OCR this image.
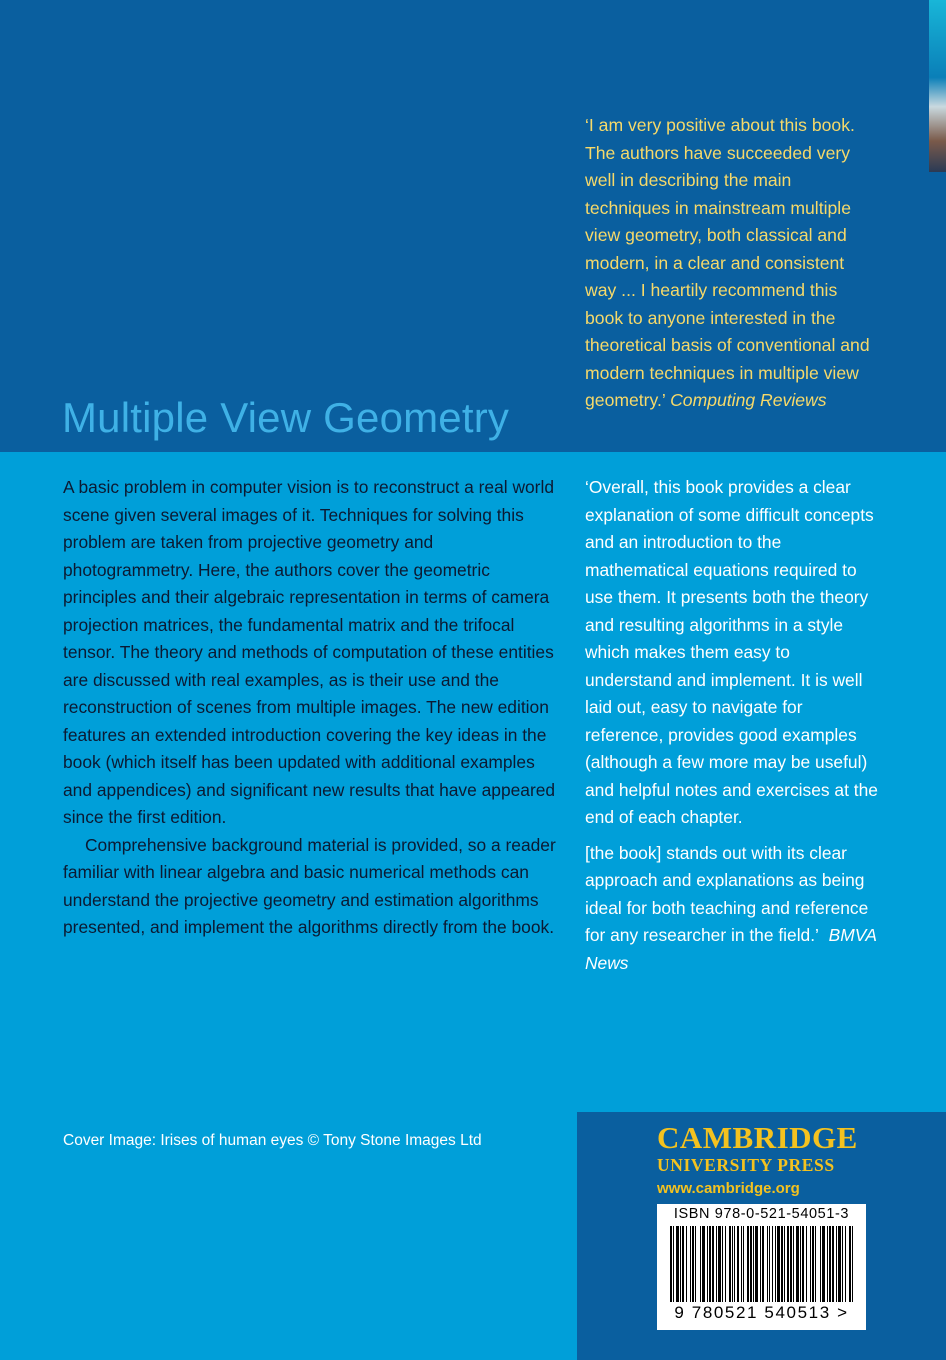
Multiple View Geometry

‘I am very positive about this book. The authors have succeeded very well in describing the main techniques in mainstream multiple view geometry, both classical and modern, in a clear and consistent way ... I heartily recommend this book to anyone interested in the theoretical basis of conventional and modern techniques in multiple view geometry.’ Computing Reviews

A basic problem in computer vision is to reconstruct a real world scene given several images of it. Techniques for solving this problem are taken from projective geometry and photogrammetry. Here, the authors cover the geometric principles and their algebraic representation in terms of camera projection matrices, the fundamental matrix and the trifocal tensor. The theory and methods of computation of these entities are discussed with real examples, as is their use and the reconstruction of scenes from multiple images. The new edition features an extended introduction covering the key ideas in the book (which itself has been updated with additional examples and appendices) and significant new results that have appeared since the first edition.

Comprehensive background material is provided, so a reader familiar with linear algebra and basic numerical methods can understand the projective geometry and estimation algorithms presented, and implement the algorithms directly from the book.

‘Overall, this book provides a clear explanation of some difficult concepts and an introduction to the mathematical equations required to use them. It presents both the theory and resulting algorithms in a style which makes them easy to understand and implement. It is well laid out, easy to navigate for reference, provides good examples (although a few more may be useful) and helpful notes and exercises at the end of each chapter.

[the book] stands out with its clear approach and explanations as being ideal for both teaching and reference for any researcher in the field.’ BMVA News

Cover Image: Irises of human eyes © Tony Stone Images Ltd	CAMBRIDGE

UNIVERSITY PRESS

www.cambridge.org

ISBN 978-0-521-54051-3

9 780521 540513 >
